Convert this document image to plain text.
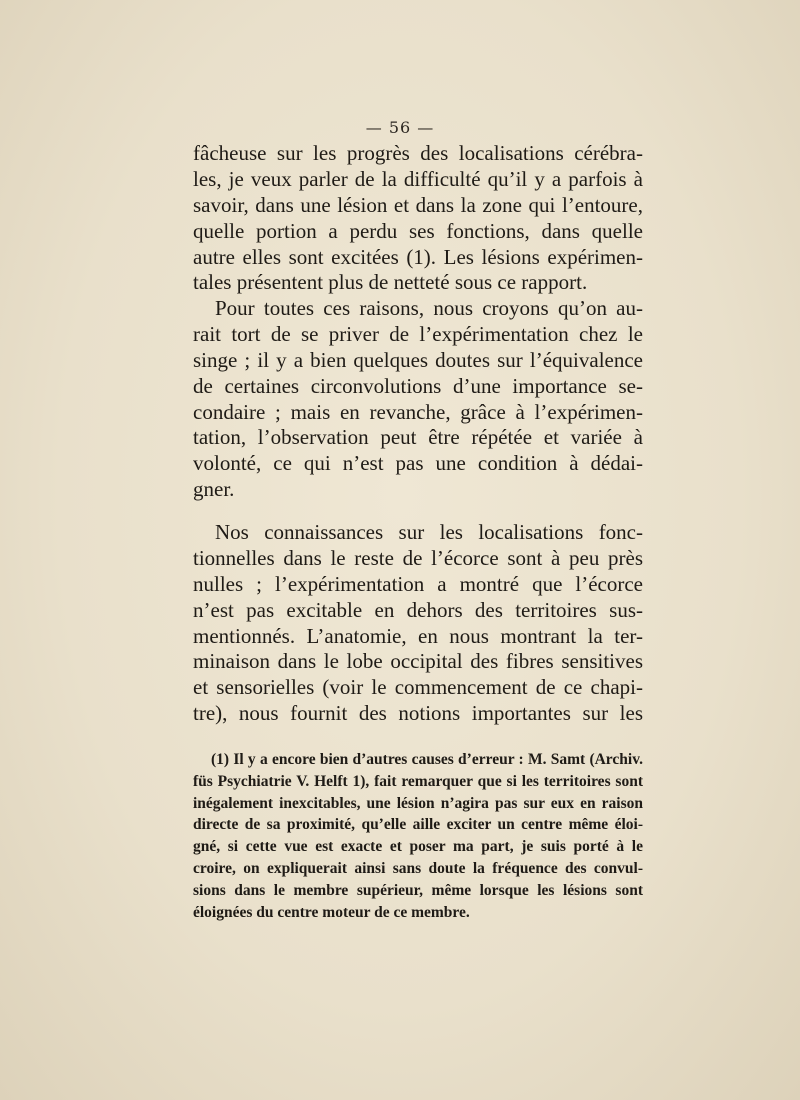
— 56 —
fâcheuse sur les progrès des localisations cérébra-
les, je veux parler de la difficulté qu’il y a parfois à
savoir, dans une lésion et dans la zone qui l’entoure,
quelle portion a perdu ses fonctions, dans quelle
autre elles sont excitées (1). Les lésions expérimen-
tales présentent plus de netteté sous ce rapport.
Pour toutes ces raisons, nous croyons qu’on au-
rait tort de se priver de l’expérimentation chez le
singe ; il y a bien quelques doutes sur l’équivalence
de certaines circonvolutions d’une importance se-
condaire ; mais en revanche, grâce à l’expérimen-
tation, l’observation peut être répétée et variée à
volonté, ce qui n’est pas une condition à dédai-
gner.
Nos connaissances sur les localisations fonc-
tionnelles dans le reste de l’écorce sont à peu près
nulles ; l’expérimentation a montré que l’écorce
n’est pas excitable en dehors des territoires sus-
mentionnés. L’anatomie, en nous montrant la ter-
minaison dans le lobe occipital des fibres sensitives
et sensorielles (voir le commencement de ce chapi-
tre), nous fournit des notions importantes sur les
(1) Il y a encore bien d’autres causes d’erreur : M. Samt (Archiv.
füs Psychiatrie V. Helft 1), fait remarquer que si les territoires sont
inégalement inexcitables, une lésion n’agira pas sur eux en raison
directe de sa proximité, qu’elle aille exciter un centre même éloi-
gné, si cette vue est exacte et poser ma part, je suis porté à le
croire, on expliquerait ainsi sans doute la fréquence des convul-
sions dans le membre supérieur, même lorsque les lésions sont
éloignées du centre moteur de ce membre.
